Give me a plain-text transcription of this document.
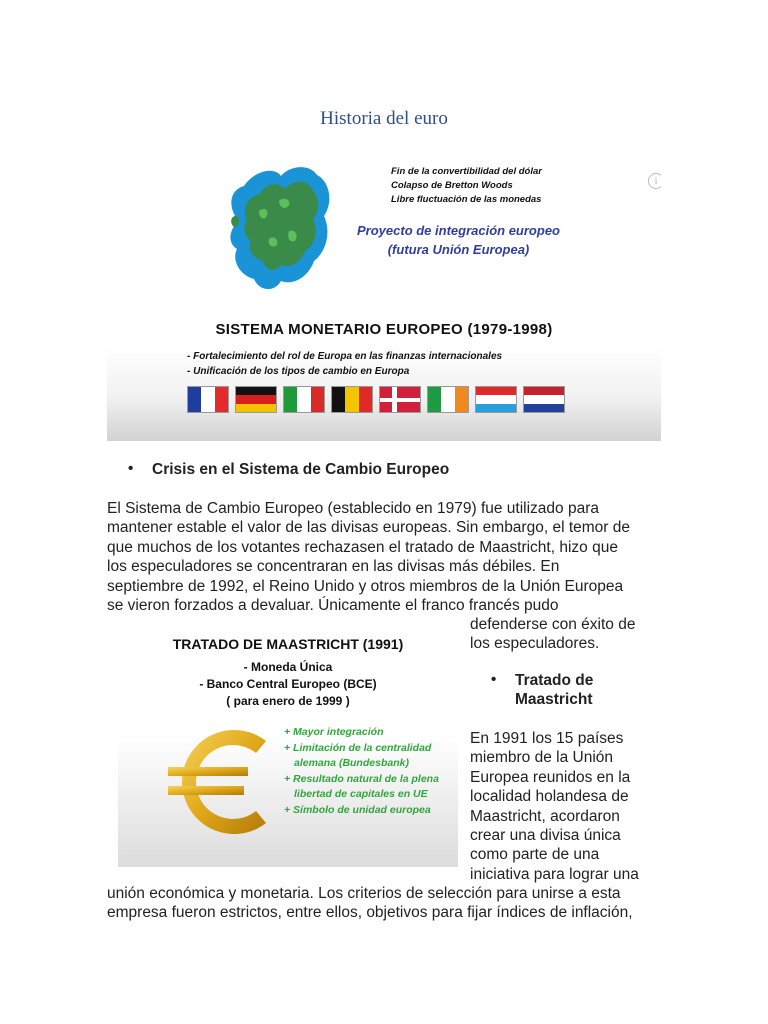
Historia del euro
Fin de la convertibilidad del dólar
Colapso de Bretton Woods
Libre fluctuación de las monedas
Proyecto de integración europeo
(futura Unión Europea)
i
SISTEMA MONETARIO EUROPEO (1979-1998)
- Fortalecimiento del rol de Europa en las finanzas internacionales
- Unificación de los tipos de cambio en Europa
• Crisis en el Sistema de Cambio Europeo
El Sistema de Cambio Europeo (establecido en 1979) fue utilizado para
mantener estable el valor de las divisas europeas. Sin embargo, el temor de
que muchos de los votantes rechazasen el tratado de Maastricht, hizo que
los especuladores se concentraran en las divisas más débiles. En
septiembre de 1992, el Reino Unido y otros miembros de la Unión Europea
se vieron forzados a devaluar. Únicamente el franco francés pudo
defenderse con éxito de
los especuladores.
TRATADO DE MAASTRICHT (1991)
- Moneda Única
- Banco Central Europeo (BCE)
( para enero de 1999 )
+ Mayor integración
+ Limitación de la centralidad
alemana (Bundesbank)
+ Resultado natural de la plena
libertad de capitales en UE
+ Símbolo de unidad europea
• Tratado de
Maastricht
En 1991 los 15 países
miembro de la Unión
Europea reunidos en la
localidad holandesa de
Maastricht, acordaron
crear una divisa única
como parte de una
iniciativa para lograr una
unión económica y monetaria. Los criterios de selección para unirse a esta
empresa fueron estrictos, entre ellos, objetivos para fijar índices de inflación,
